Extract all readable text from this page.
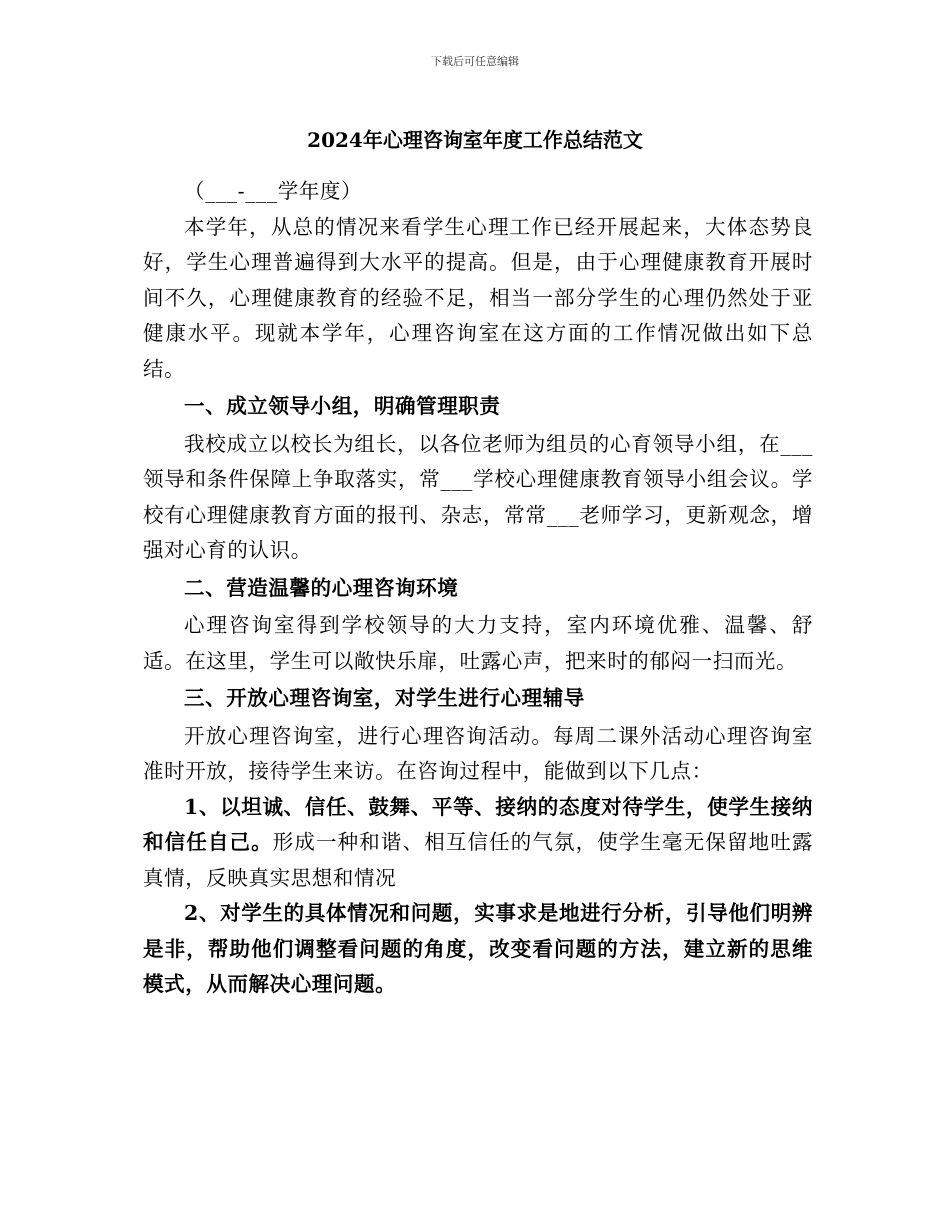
下载后可任意编辑
2024年心理咨询室年度工作总结范文

（___-___学年度）

本学年，从总的情况来看学生心理工作已经开展起来，大体态势良好，学生心理普遍得到大水平的提高。但是，由于心理健康教育开展时间不久，心理健康教育的经验不足，相当一部分学生的心理仍然处于亚健康水平。现就本学年，心理咨询室在这方面的工作情况做出如下总结。

一、成立领导小组，明确管理职责

我校成立以校长为组长，以各位老师为组员的心育领导小组，在___领导和条件保障上争取落实，常___学校心理健康教育领导小组会议。学校有心理健康教育方面的报刊、杂志，常常___老师学习，更新观念，增强对心育的认识。

二、营造温馨的心理咨询环境

心理咨询室得到学校领导的大力支持，室内环境优雅、温馨、舒适。在这里，学生可以敞快乐扉，吐露心声，把来时的郁闷一扫而光。

三、开放心理咨询室，对学生进行心理辅导

开放心理咨询室，进行心理咨询活动。每周二课外活动心理咨询室准时开放，接待学生来访。在咨询过程中，能做到以下几点：

1、以坦诚、信任、鼓舞、平等、接纳的态度对待学生，使学生接纳和信任自己。形成一种和谐、相互信任的气氛，使学生毫无保留地吐露真情，反映真实思想和情况

2、对学生的具体情况和问题，实事求是地进行分析，引导他们明辨是非，帮助他们调整看问题的角度，改变看问题的方法，建立新的思维模式，从而解决心理问题。
